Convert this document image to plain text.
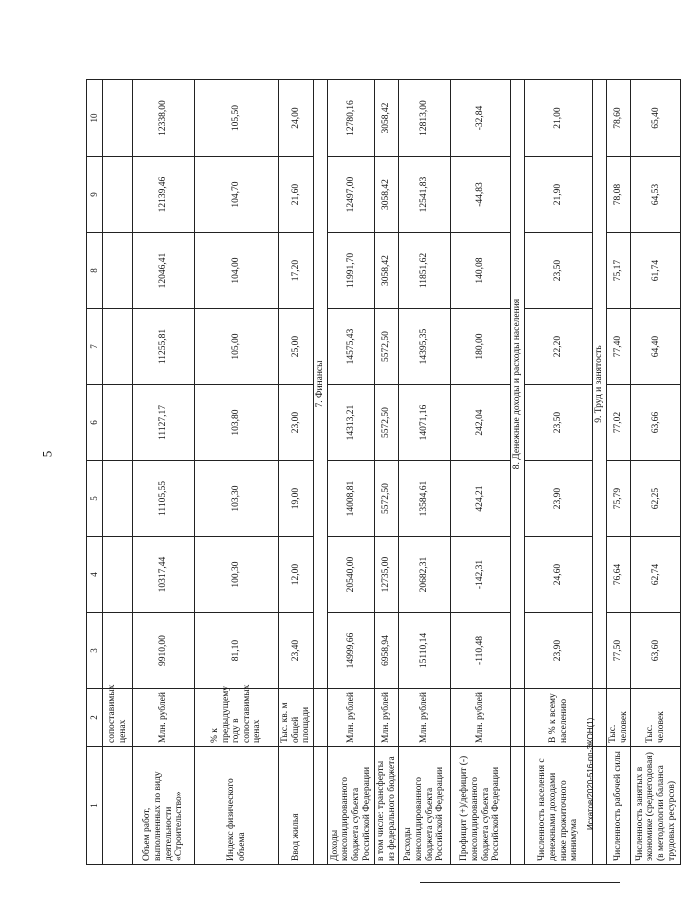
5
1	2	3	4	5	6	7	8	9	10
	сопоставимых ценах								
Объем работ, выполненных по виду деятельности «Строительство»	Млн. рублей	9910,00	10317,44	11105,55	11127,17	11255,81	12046,41	12139,46	12338,00
Индекс физического объема	% к предыдущему году в сопоставимых ценах	81,10	100,30	103,30	103,80	105,00	104,00	104,70	105,50
Ввод жилья	Тыс. кв. м общей площади	23,40	12,00	19,00	23,00	25,00	17,20	21,60	24,00
		7. Финансы							
Доходы консолидированного бюджета субъекта Российской Федерации	Млн. рублей	14999,66	20540,00	14008,81	14313,21	14575,43	11991,70	12497,00	12780,16
в том числе: трансферты из федерального бюджета	Млн. рублей	6958,94	12735,00	5572,50	5572,50	5572,50	3058,42	3058,42	3058,42
Расходы консолидированного бюджета субъекта Российской Федерации	Млн. рублей	15110,14	20682,31	13584,61	14071,16	14395,35	11851,62	12541,83	12813,00
Профицит (+)/дефицит (-) консолидированного бюджета субъекта Российской Федерации	Млн. рублей	-110,48	-142,31	424,21	242,04	180,00	140,08	-44,83	-32,84
		8. Денежные доходы и расходы населения							
Численность населения с денежными доходами ниже прожиточного минимума	В % к всему населению	23,90	24,60	23,90	23,50	22,20	23,50	21,90	21,00
		9. Труд и занятость							
Численность рабочей силы	Тыс. человек	77,50	76,64	75,79	77,02	77,40	75,17	78,08	78,60
Численность занятых в экономике (среднегодовая) (в методологии баланса трудовых ресурсов)	Тыс. человек	63,60	62,74	62,25	63,66	64,40	61,74	64,53	65,40
Исхатов/2020-516-пп-ЭКОН(1)
